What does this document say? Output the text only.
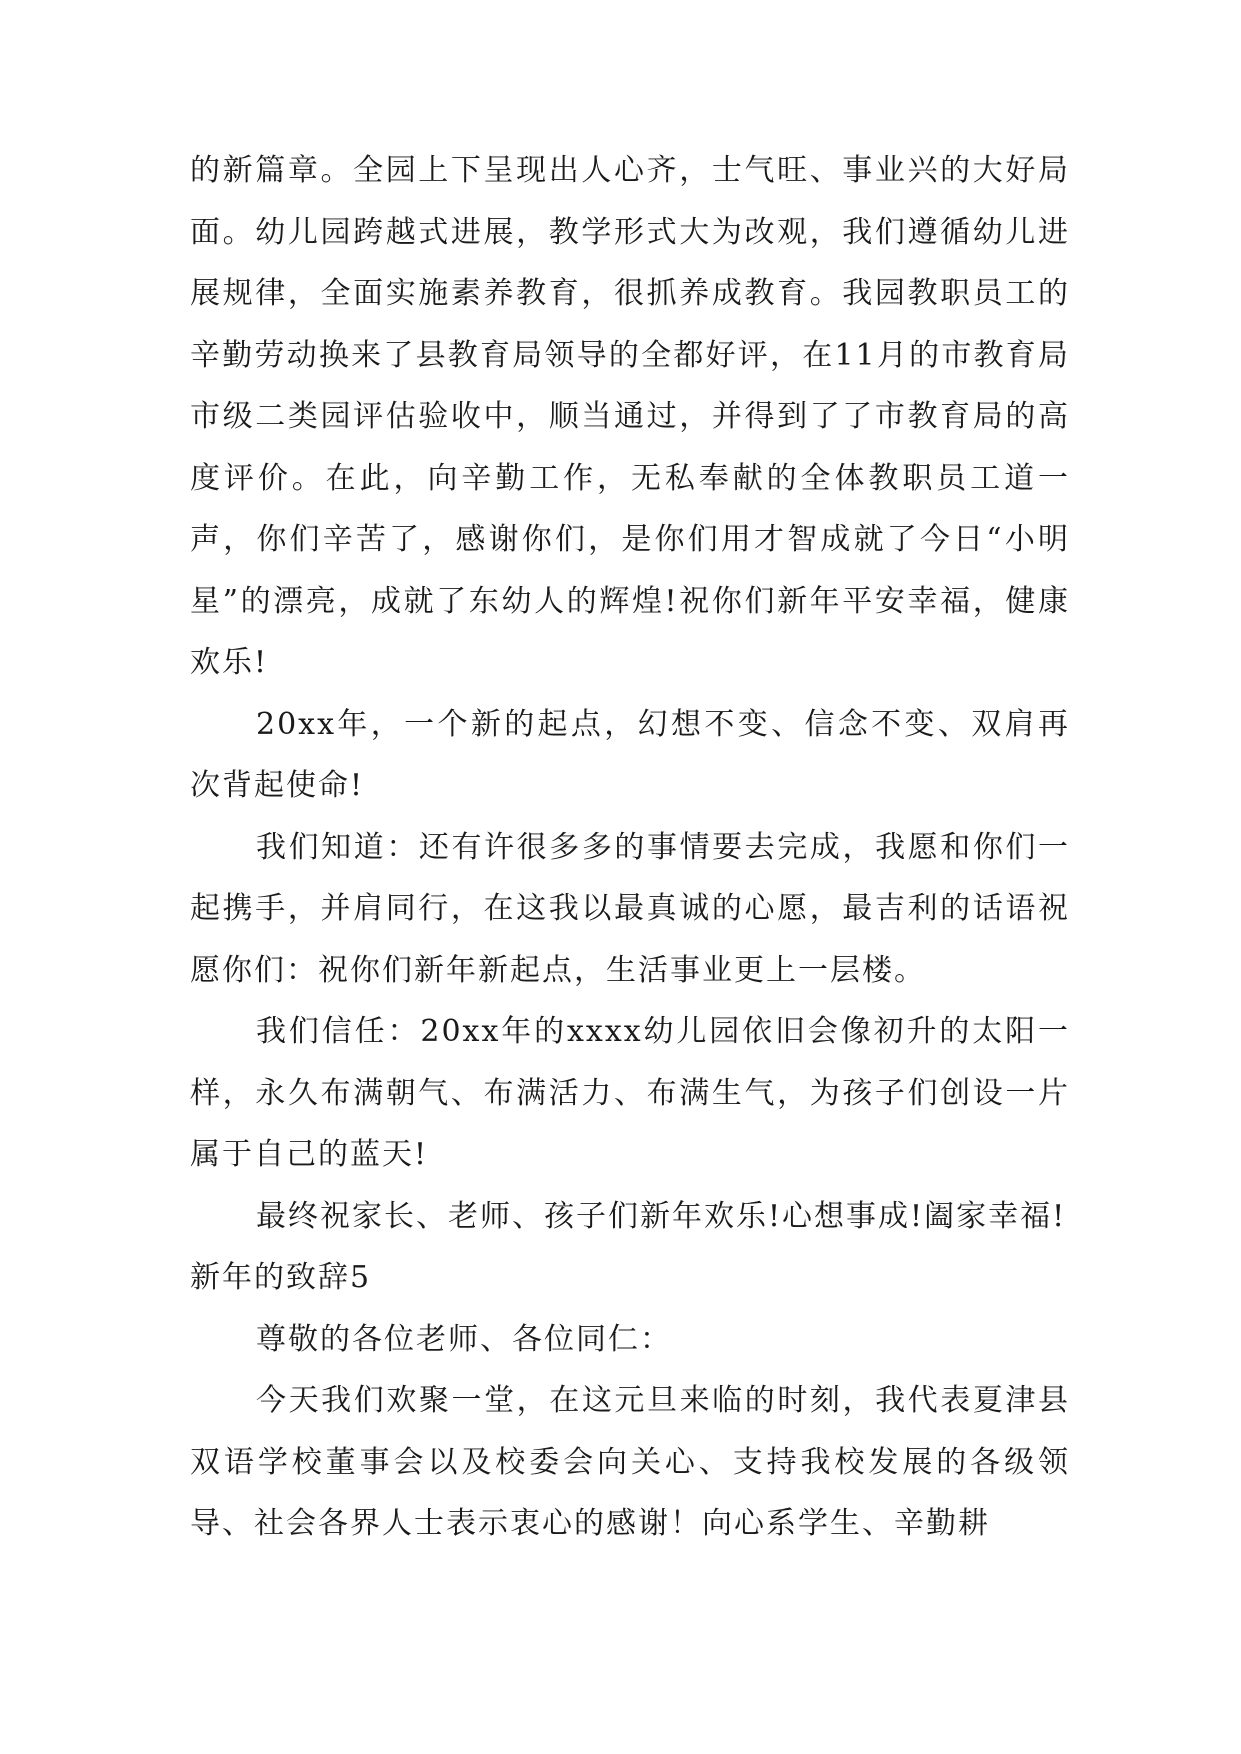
的新篇章。全园上下呈现出人心齐，士气旺、事业兴的大好局面。幼儿园跨越式进展，教学形式大为改观，我们遵循幼儿进展规律，全面实施素养教育，很抓养成教育。我园教职员工的辛勤劳动换来了县教育局领导的全都好评，在11月的市教育局市级二类园评估验收中，顺当通过，并得到了了市教育局的高度评价。在此，向辛勤工作，无私奉献的全体教职员工道一声，你们辛苦了，感谢你们，是你们用才智成就了今日“小明星”的漂亮，成就了东幼人的辉煌!祝你们新年平安幸福，健康欢乐!

20xx年，一个新的起点，幻想不变、信念不变、双肩再次背起使命!

我们知道：还有许很多多的事情要去完成，我愿和你们一起携手，并肩同行，在这我以最真诚的心愿，最吉利的话语祝愿你们：祝你们新年新起点，生活事业更上一层楼。

我们信任：20xx年的xxxx幼儿园依旧会像初升的太阳一样，永久布满朝气、布满活力、布满生气，为孩子们创设一片属于自己的蓝天!

最终祝家长、老师、孩子们新年欢乐!心想事成!阖家幸福!

新年的致辞5

尊敬的各位老师、各位同仁：

今天我们欢聚一堂，在这元旦来临的时刻，我代表夏津县双语学校董事会以及校委会向关心、支持我校发展的各级领导、社会各界人士表示衷心的感谢！向心系学生、辛勤耕
